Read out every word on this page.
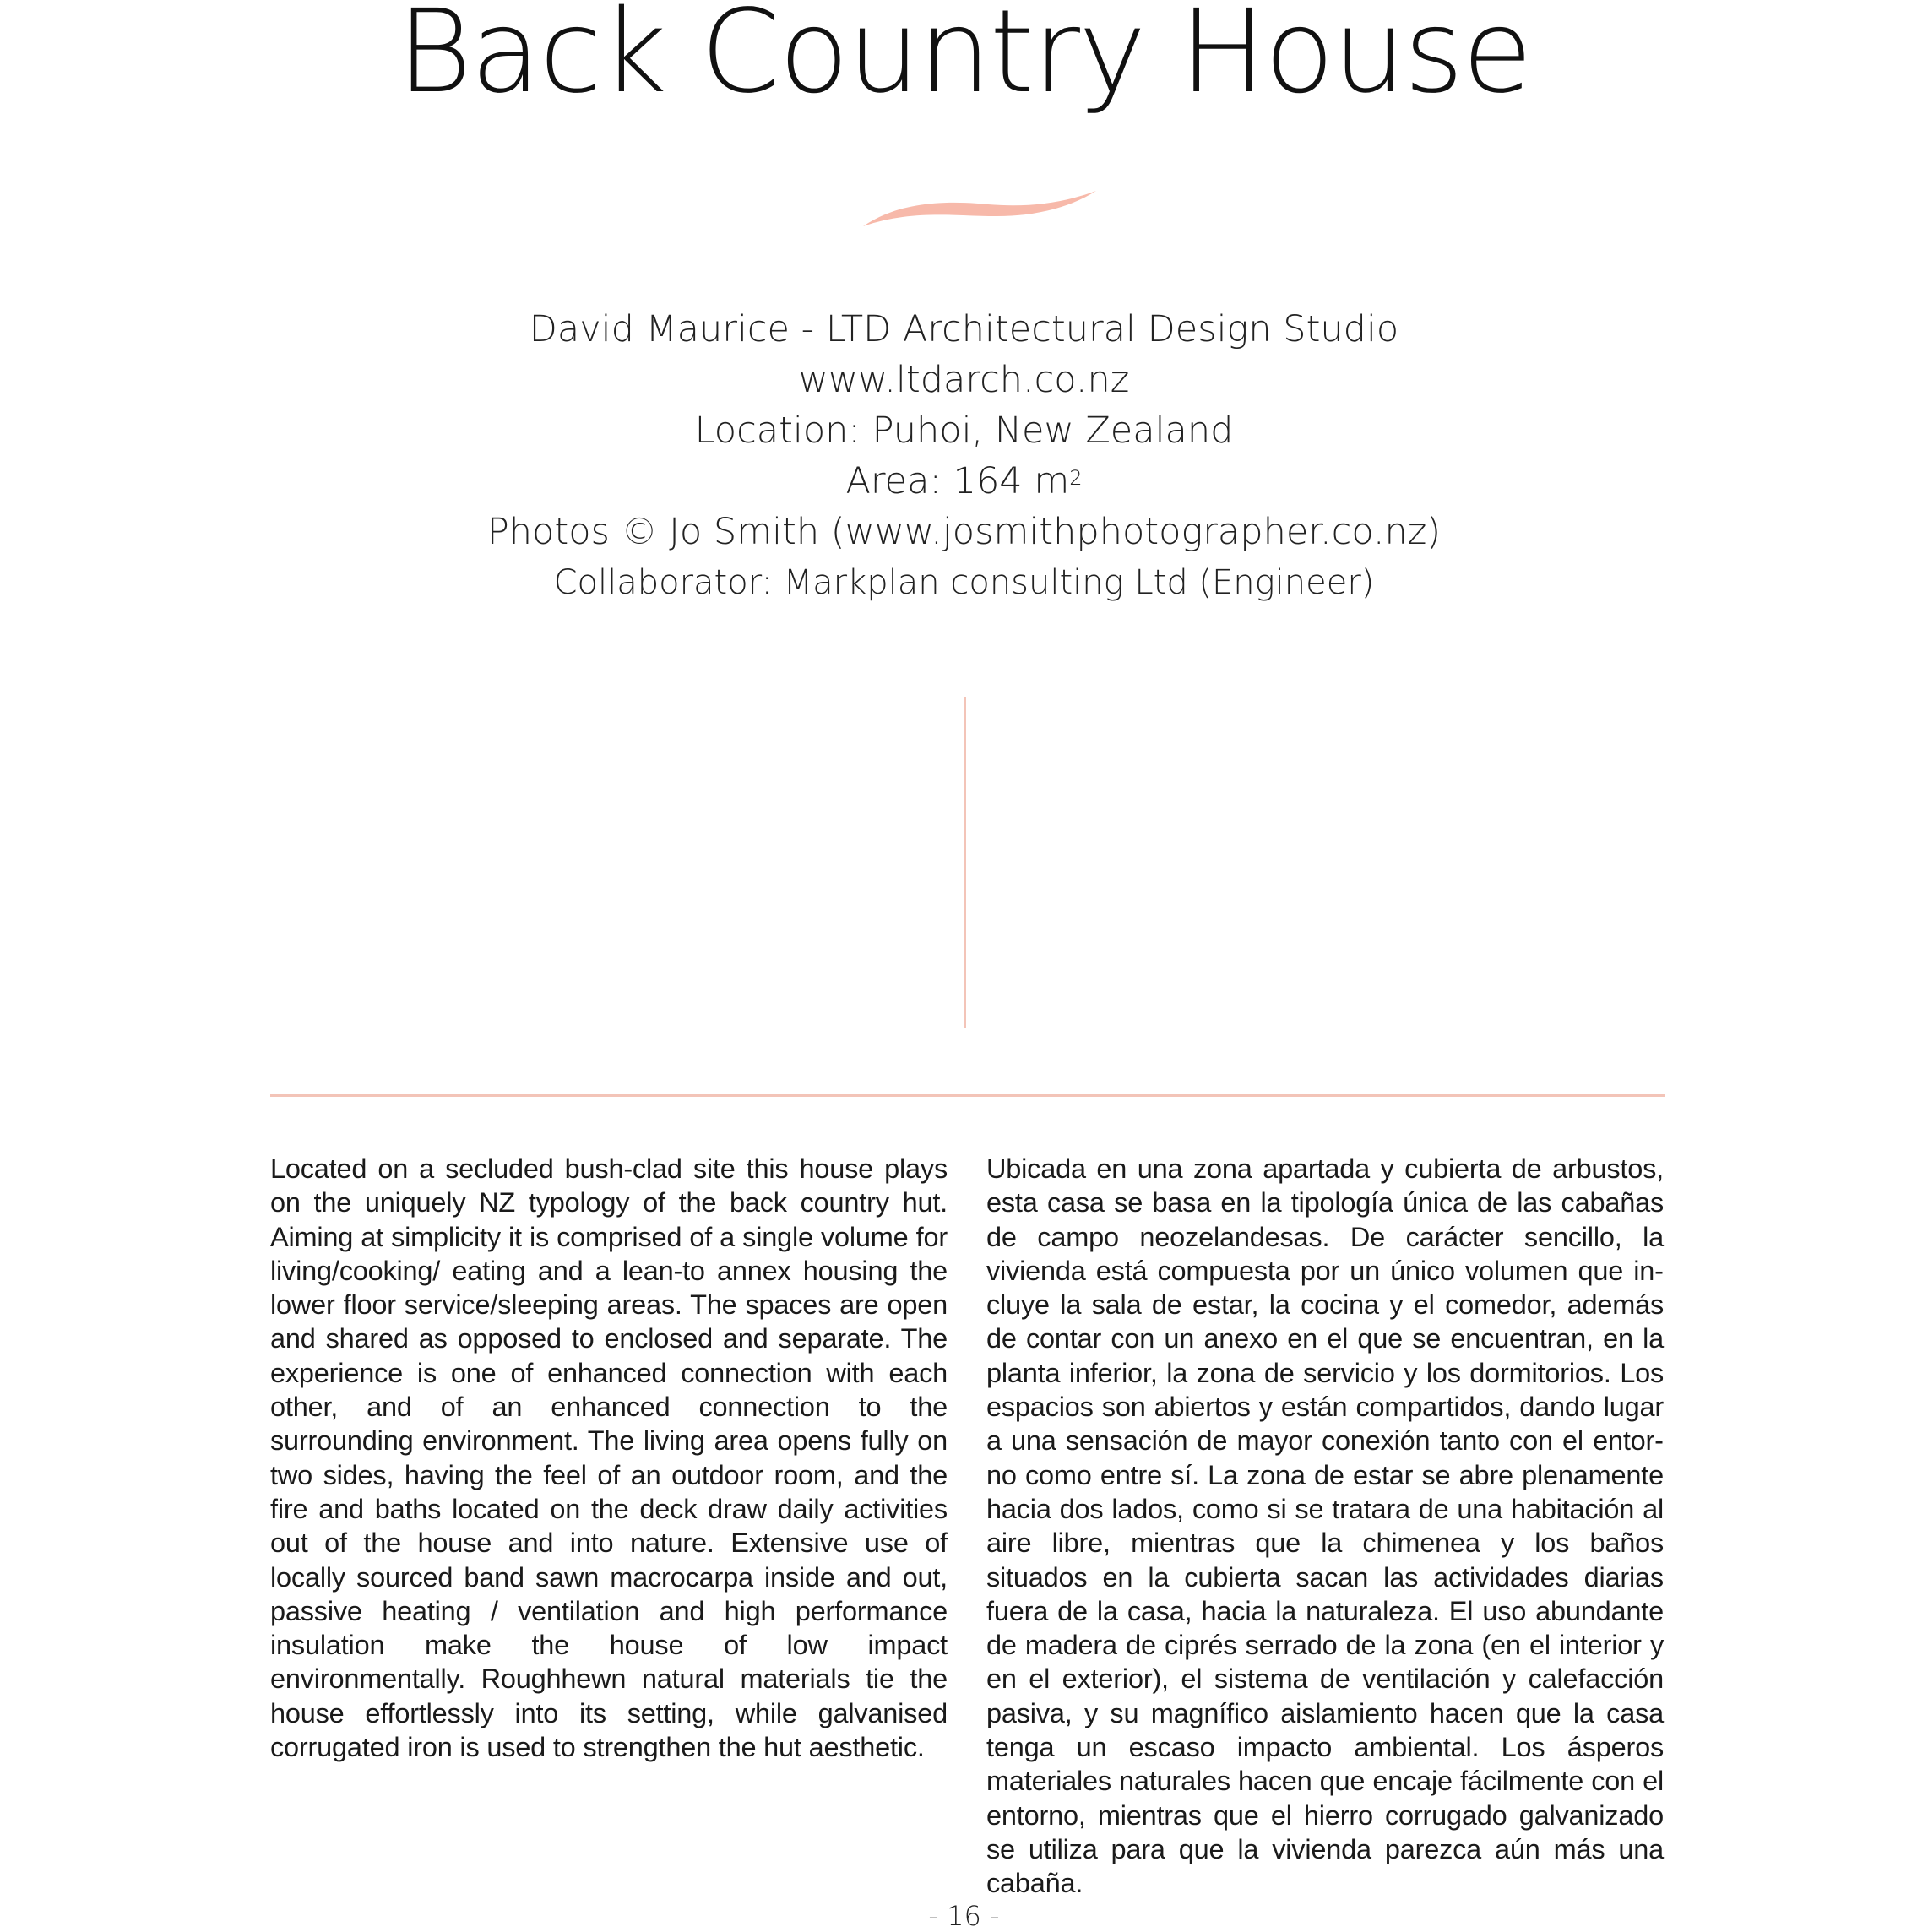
Back Country House
David Maurice - LTD Architectural Design Studio
www.ltdarch.co.nz
Location: Puhoi, New Zealand
Area: 164 $m^2$
Photos © Jo Smith (www.josmithphotographer.co.nz)
Collaborator: Markplan consulting Ltd (Engineer)
Located on a secluded bush-clad site this house plays on the uniquely NZ typology of the back country hut. Aiming at simplicity it is comprised of a single volume for living/cooking/ eating and a lean-to annex housing the lower floor service/sleeping areas. The spaces are open and shared as opposed to enclosed and separate. The experience is one of enhanced connection with each other, and of an enhanced connection to the surrounding environment. The living area opens fully on two sides, having the feel of an outdoor room, and the fire and baths located on the deck draw daily activities out of the house and into nature. Extensive use of locally sourced band sawn macrocarpa inside and out, passive heating / ventilation and high performance insulation make the house of low impact environmentally. Roughhewn natural materials tie the house effortlessly into its setting, while galvanised corrugated iron is used to strengthen the hut aesthetic.
Ubicada en una zona apartada y cubierta de arbustos, esta casa se basa en la tipología única de las cabañas de campo neozelandesas. De carácter sencillo, la vivienda está compuesta por un único volumen que incluye la sala de estar, la cocina y el comedor, además de contar con un anexo en el que se encuentran, en la planta inferior, la zona de servicio y los dormitorios. Los espacios son abiertos y están compartidos, dando lugar a una sensación de mayor conexión tanto con el entorno como entre sí. La zona de estar se abre plenamente hacia dos lados, como si se tratara de una habitación al aire libre, mientras que la chimenea y los baños situados en la cubierta sacan las actividades diarias fuera de la casa, hacia la naturaleza. El uso abundante de madera de ciprés serrado de la zona (en el interior y en el exterior), el sistema de ventilación y calefacción pasiva, y su magnífico aislamiento hacen que la casa tenga un escaso impacto ambiental. Los ásperos materiales naturales hacen que encaje fácilmente con el entorno, mientras que el hierro corrugado galvanizado se utiliza para que la vivienda parezca aún más una cabaña.
- 16 -
